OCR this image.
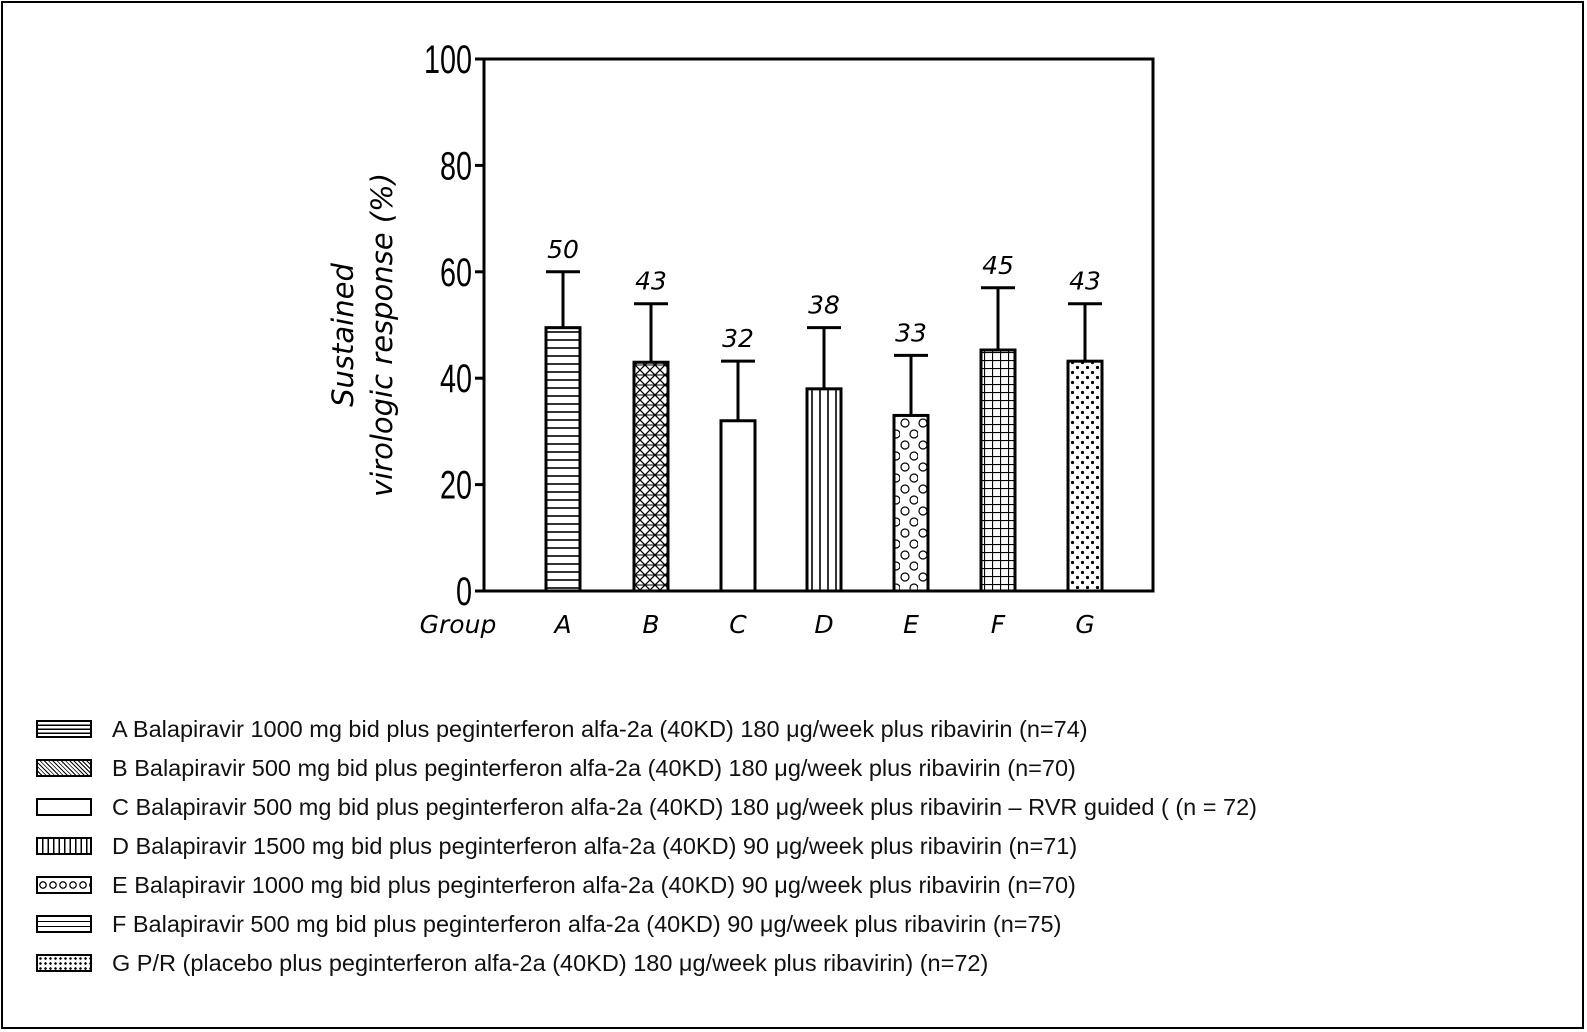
0
20
40
60
80
100
Group
50
A
43
B
32
C
38
D
33
E
45
F
43
G
Sustained virologic response (%)
A Balapiravir 1000 mg bid plus peginterferon alfa-2a (40KD) 180 μg/week plus ribavirin (n=74)
B Balapiravir 500 mg bid plus peginterferon alfa-2a (40KD) 180 μg/week plus ribavirin (n=70)
C Balapiravir 500 mg bid plus peginterferon alfa-2a (40KD) 180 μg/week plus ribavirin – RVR guided ( (n = 72)
D Balapiravir 1500 mg bid plus peginterferon alfa-2a (40KD) 90 μg/week plus ribavirin (n=71)
E Balapiravir 1000 mg bid plus peginterferon alfa-2a (40KD) 90 μg/week plus ribavirin (n=70)
F Balapiravir 500 mg bid plus peginterferon alfa-2a (40KD) 90 μg/week plus ribavirin (n=75)
G P/R (placebo plus peginterferon alfa-2a (40KD) 180 μg/week plus ribavirin) (n=72)
